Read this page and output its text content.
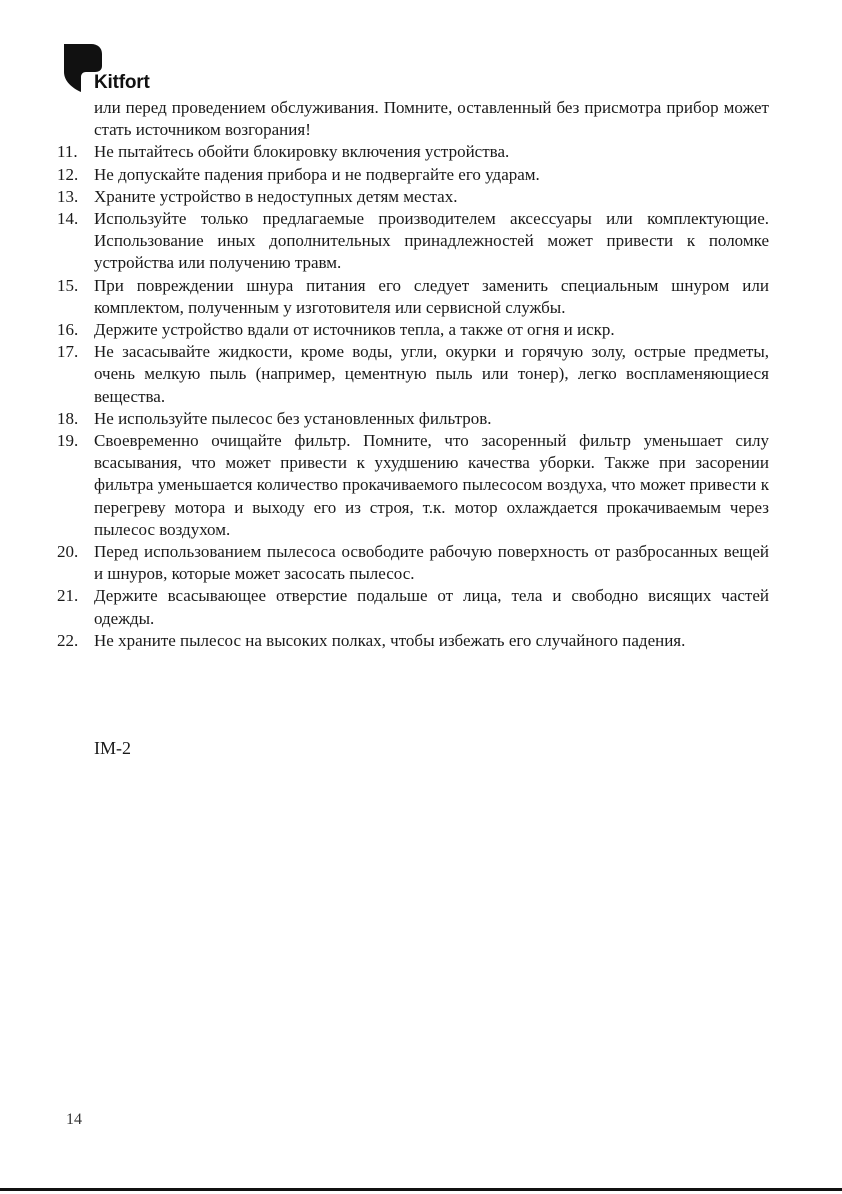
Kitfort

или перед проведением обслуживания. Помните, оставленный без присмотра прибор может стать источником возгорания!

11. Не пытайтесь обойти блокировку включения устройства.
12. Не допускайте падения прибора и не подвергайте его ударам.
13. Храните устройство в недоступных детям местах.
14. Используйте только предлагаемые производителем аксессуары или комплектующие. Использование иных дополнительных принадлежностей может привести к поломке устройства или получению травм.
15. При повреждении шнура питания его следует заменить специальным шнуром или комплектом, полученным у изготовителя или сервисной службы.
16. Держите устройство вдали от источников тепла, а также от огня и искр.
17. Не засасывайте жидкости, кроме воды, угли, окурки и горячую золу, острые предметы, очень мелкую пыль (например, цементную пыль или тонер), легко воспламеняющиеся вещества.
18. Не используйте пылесос без установленных фильтров.
19. Своевременно очищайте фильтр. Помните, что засоренный фильтр уменьшает силу всасывания, что может привести к ухудшению качества уборки. Также при засорении фильтра уменьшается количество прокачиваемого пылесосом воздуха, что может привести к перегреву мотора и выходу его из строя, т.к. мотор охлаждается прокачиваемым через пылесос воздухом.
20. Перед использованием пылесоса освободите рабочую поверхность от разбросанных вещей и шнуров, которые может засосать пылесос.
21. Держите всасывающее отверстие подальше от лица, тела и свободно висящих частей одежды.
22. Не храните пылесос на высоких полках, чтобы избежать его случайного падения.
IM-2
14
